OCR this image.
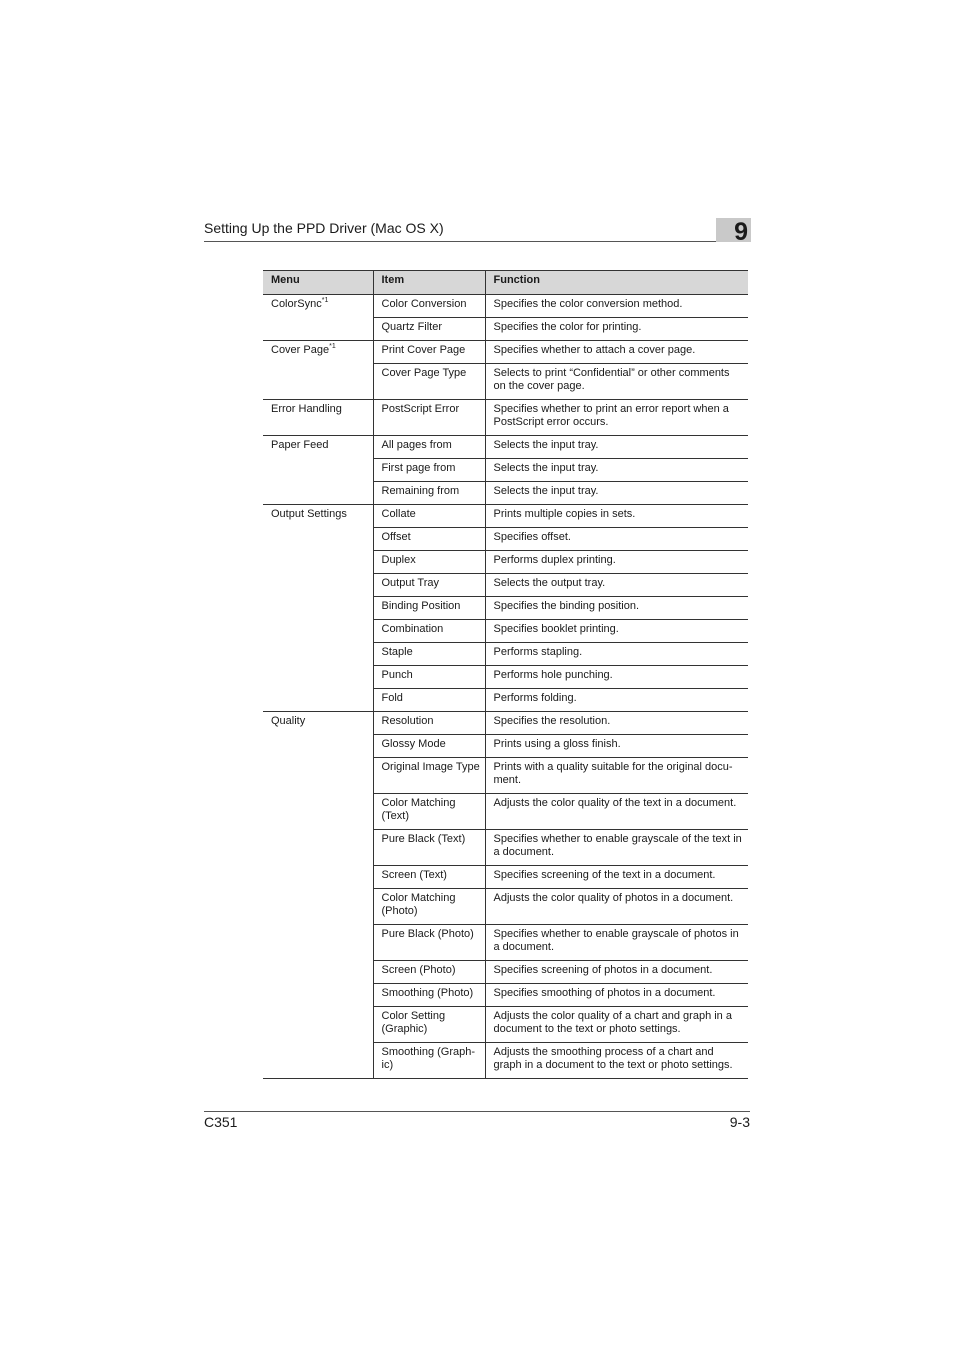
Setting Up the PPD Driver (Mac OS X)	9
Menu	Item	Function
ColorSync$^{*1}$	Color Conversion	Specifies the color conversion method.
	Quartz Filter	Specifies the color for printing.
Cover Page$^{*1}$	Print Cover Page	Specifies whether to attach a cover page.
	Cover Page Type	Selects to print “Confidential” or other comments on the cover page.
Error Handling	PostScript Error	Specifies whether to print an error report when a PostScript error occurs.
Paper Feed	All pages from	Selects the input tray.
	First page from	Selects the input tray.
	Remaining from	Selects the input tray.
Output Settings	Collate	Prints multiple copies in sets.
	Offset	Specifies offset.
	Duplex	Performs duplex printing.
	Output Tray	Selects the output tray.
	Binding Position	Specifies the binding position.
	Combination	Specifies booklet printing.
	Staple	Performs stapling.
	Punch	Performs hole punching.
	Fold	Performs folding.
Quality	Resolution	Specifies the resolution.
	Glossy Mode	Prints using a gloss finish.
	Original Image Type	Prints with a quality suitable for the original docu-ment.
	Color Matching (Text)	Adjusts the color quality of the text in a document.
	Pure Black (Text)	Specifies whether to enable grayscale of the text in a document.
	Screen (Text)	Specifies screening of the text in a document.
	Color Matching (Photo)	Adjusts the color quality of photos in a document.
	Pure Black (Photo)	Specifies whether to enable grayscale of photos in a document.
	Screen (Photo)	Specifies screening of photos in a document.
	Smoothing (Photo)	Specifies smoothing of photos in a document.
	Color Setting (Graphic)	Adjusts the color quality of a chart and graph in a document to the text or photo settings.
	Smoothing (Graph-ic)	Adjusts the smoothing process of a chart and graph in a document to the text or photo settings.
C351	9-3
